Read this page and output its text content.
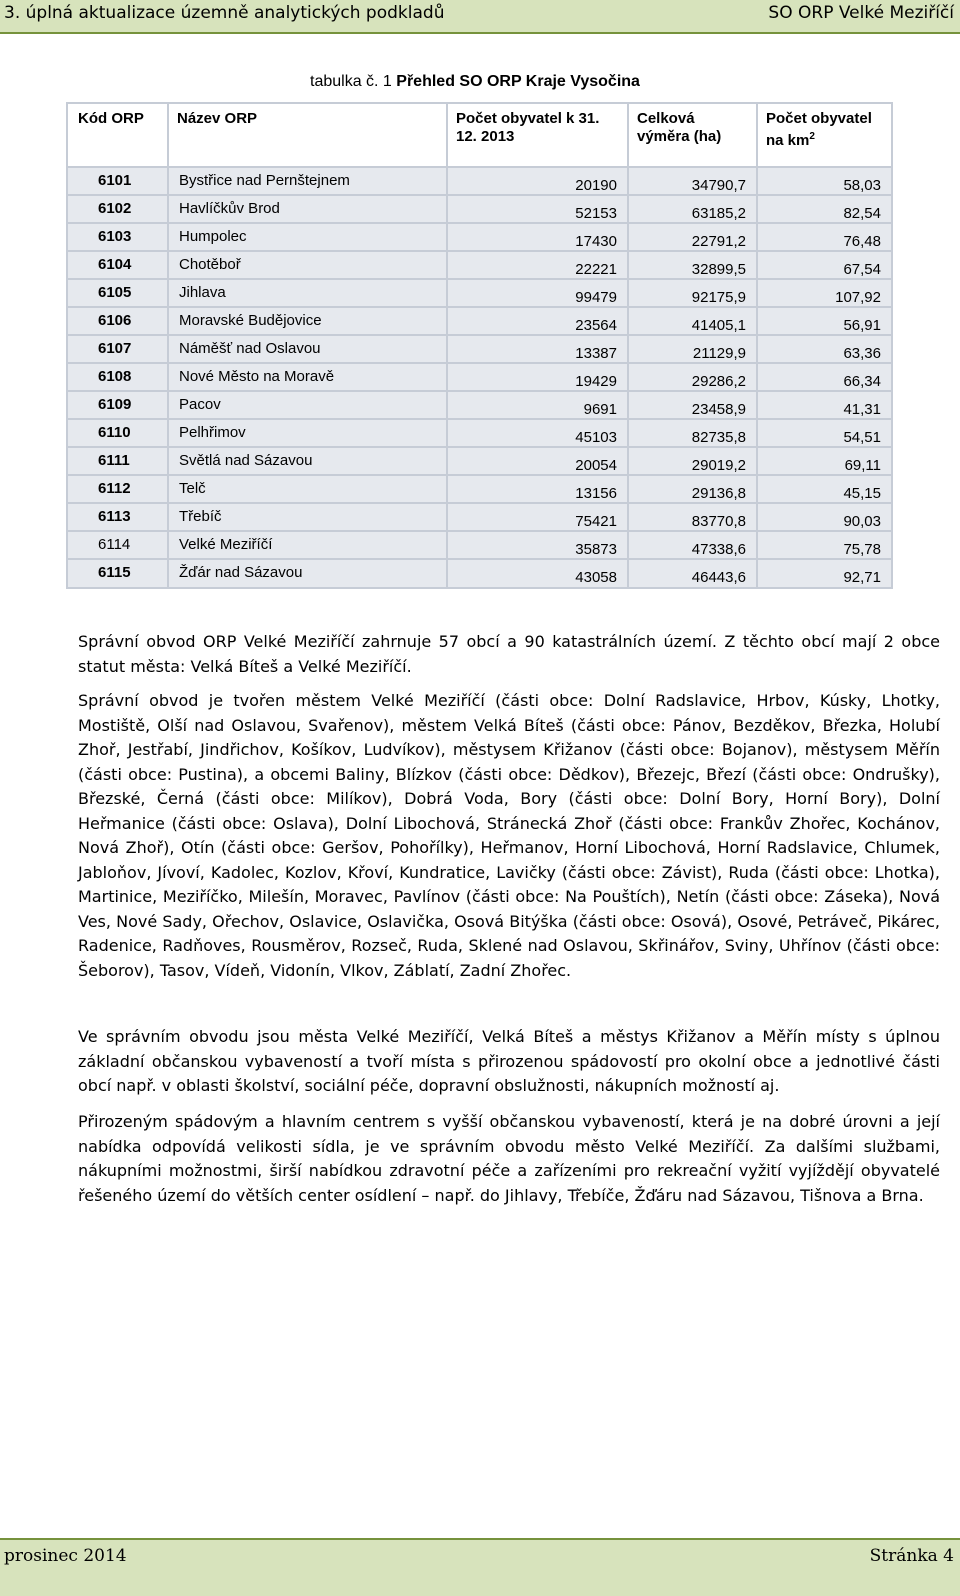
3. úplná aktualizace územně analytických podkladů	SO ORP Velké Meziříčí
tabulka č. 1 Přehled SO ORP Kraje Vysočina
Kód ORP	Název ORP	Počet obyvatel k 31. 12. 2013	Celková výměra (ha)	Počet obyvatel na $km^2$
6101	Bystřice nad Pernštejnem	20190	34790,7	58,03
6102	Havlíčkův Brod	52153	63185,2	82,54
6103	Humpolec	17430	22791,2	76,48
6104	Chotěboř	22221	32899,5	67,54
6105	Jihlava	99479	92175,9	107,92
6106	Moravské Budějovice	23564	41405,1	56,91
6107	Náměšť nad Oslavou	13387	21129,9	63,36
6108	Nové Město na Moravě	19429	29286,2	66,34
6109	Pacov	9691	23458,9	41,31
6110	Pelhřimov	45103	82735,8	54,51
6111	Světlá nad Sázavou	20054	29019,2	69,11
6112	Telč	13156	29136,8	45,15
6113	Třebíč	75421	83770,8	90,03
6114	Velké Meziříčí	35873	47338,6	75,78
6115	Žďár nad Sázavou	43058	46443,6	92,71
Správní obvod ORP Velké Meziříčí zahrnuje 57 obcí a 90 katastrálních území. Z těchto obcí mají 2 obce statut města: Velká Bíteš a Velké Meziříčí.
Správní obvod je tvořen městem Velké Meziříčí (části obce: Dolní Radslavice, Hrbov, Kúsky, Lhotky, Mostiště, Olší nad Oslavou, Svařenov), městem Velká Bíteš (části obce: Pánov, Bezděkov, Březka, Holubí Zhoř, Jestřabí, Jindřichov, Košíkov, Ludvíkov), městysem Křižanov (části obce: Bojanov), městysem Měřín (části obce: Pustina), a obcemi Baliny, Blízkov (části obce: Dědkov), Březejc, Březí (části obce: Ondrušky), Březské, Černá (části obce: Milíkov), Dobrá Voda, Bory (části obce: Dolní Bory, Horní Bory), Dolní Heřmanice (části obce: Oslava), Dolní Libochová, Stránecká Zhoř (části obce: Frankův Zhořec, Kochánov, Nová Zhoř), Otín (části obce: Geršov, Pohořílky), Heřmanov, Horní Libochová, Horní Radslavice, Chlumek, Jabloňov, Jívoví, Kadolec, Kozlov, Křoví, Kundratice, Lavičky (části obce: Závist), Ruda (části obce: Lhotka), Martinice, Meziříčko, Milešín, Moravec, Pavlínov (části obce: Na Pouštích), Netín (části obce: Záseka), Nová Ves, Nové Sady, Ořechov, Oslavice, Oslavička, Osová Bitýška (části obce: Osová), Osové, Petráveč, Pikárec, Radenice, Radňoves, Rousměrov, Rozseč, Ruda, Sklené nad Oslavou, Skřinářov, Sviny, Uhřínov (části obce: Šeborov), Tasov, Vídeň, Vidonín, Vlkov, Záblatí, Zadní Zhořec.
Ve správním obvodu jsou města Velké Meziříčí, Velká Bíteš a městys Křižanov a Měřín místy s úplnou základní občanskou vybaveností a tvoří místa s přirozenou spádovostí pro okolní obce a jednotlivé části obcí např. v oblasti školství, sociální péče, dopravní obslužnosti, nákupních možností aj.
Přirozeným spádovým a hlavním centrem s vyšší občanskou vybaveností, která je na dobré úrovni a její nabídka odpovídá velikosti sídla, je ve správním obvodu město Velké Meziříčí. Za dalšími službami, nákupními možnostmi, širší nabídkou zdravotní péče a zařízeními pro rekreační vyžití vyjíždějí obyvatelé řešeného území do větších center osídlení – např. do Jihlavy, Třebíče, Žďáru nad Sázavou, Tišnova a Brna.
prosinec 2014	Stránka 4
